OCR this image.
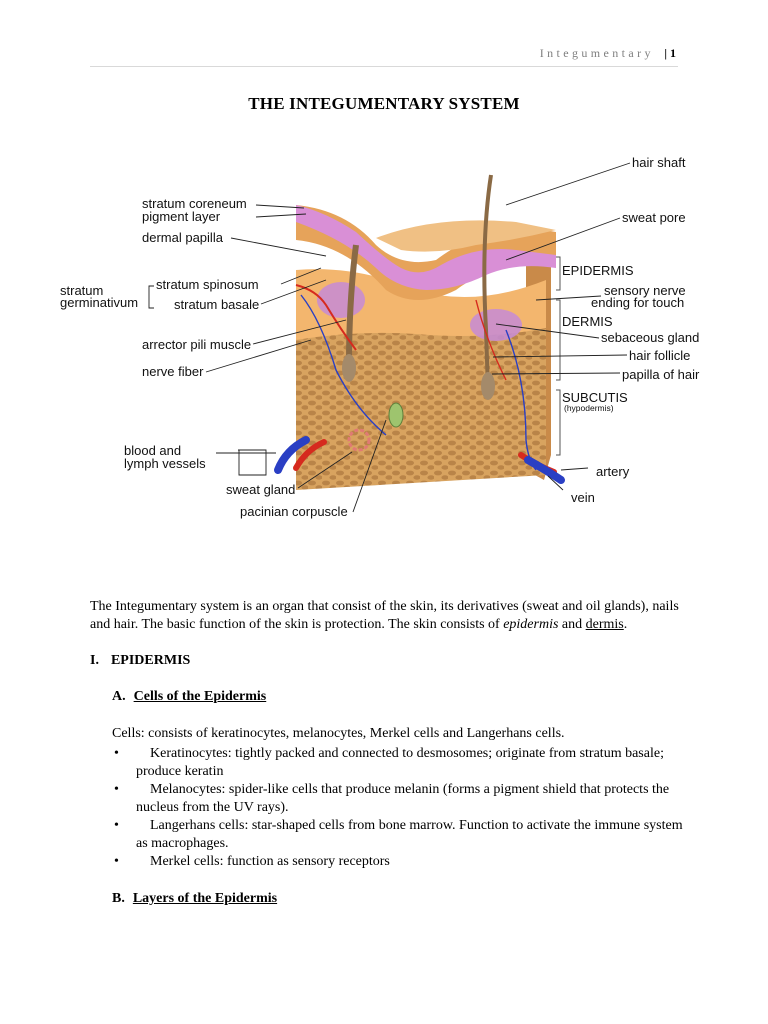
Integumentary | 1
THE INTEGUMENTARY SYSTEM
stratum coreneum
pigment layer
dermal papilla
stratum
germinativum
stratum spinosum
stratum basale
arrector pili muscle
nerve fiber
blood and
lymph vessels
sweat gland
pacinian corpuscle
hair shaft
sweat pore
EPIDERMIS
sensory nerve
ending for touch
DERMIS
sebaceous gland
hair follicle
papilla of hair
SUBCUTIS
(hypodermis)
artery
vein
The Integumentary system is an organ that consist of the skin, its derivatives (sweat and oil glands), nails
and hair. The basic function of the skin is protection. The skin consists of epidermis and dermis.
I. EPIDERMIS
A. Cells of the Epidermis
Cells: consists of keratinocytes, melanocytes, Merkel cells and Langerhans cells.
•	Keratinocytes: tightly packed and connected to desmosomes; originate from stratum basale;
produce keratin
•	Melanocytes: spider-like cells that produce melanin (forms a pigment shield that protects the
nucleus from the UV rays).
•	Langerhans cells: star-shaped cells from bone marrow. Function to activate the immune system
as macrophages.
•	Merkel cells: function as sensory receptors
B. Layers of the Epidermis
